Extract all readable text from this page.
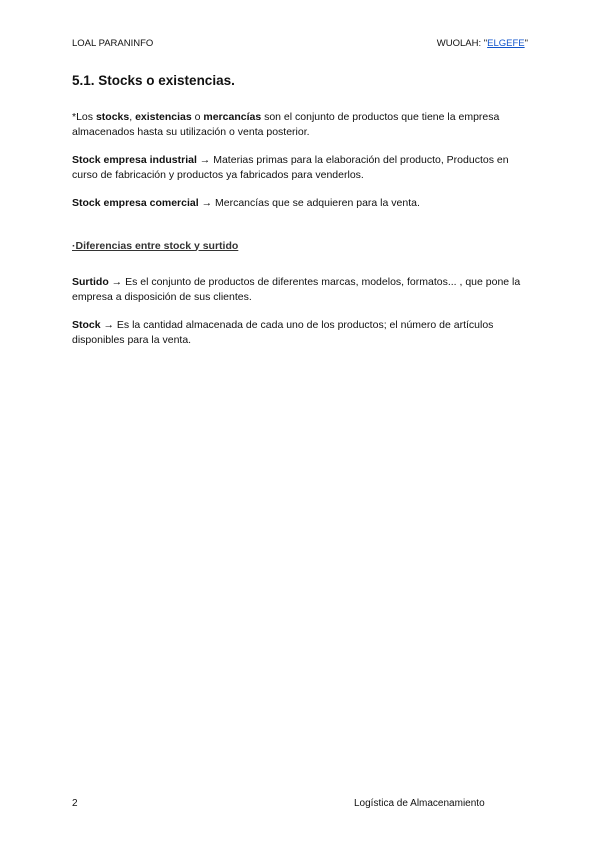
LOAL PARANINFO	WUOLAH: "ELGEFE"
5.1. Stocks o existencias.

*Los stocks, existencias o mercancías son el conjunto de productos que tiene la empresa almacenados hasta su utilización o venta posterior.

Stock empresa industrial → Materias primas para la elaboración del producto, Productos en curso de fabricación y productos ya fabricados para venderlos.

Stock empresa comercial → Mercancías que se adquieren para la venta.

·Diferencias entre stock y surtido

Surtido → Es el conjunto de productos de diferentes marcas, modelos, formatos... , que pone la empresa a disposición de sus clientes.

Stock → Es la cantidad almacenada de cada uno de los productos; el número de artículos disponibles para la venta.

2	Logística de Almacenamiento
